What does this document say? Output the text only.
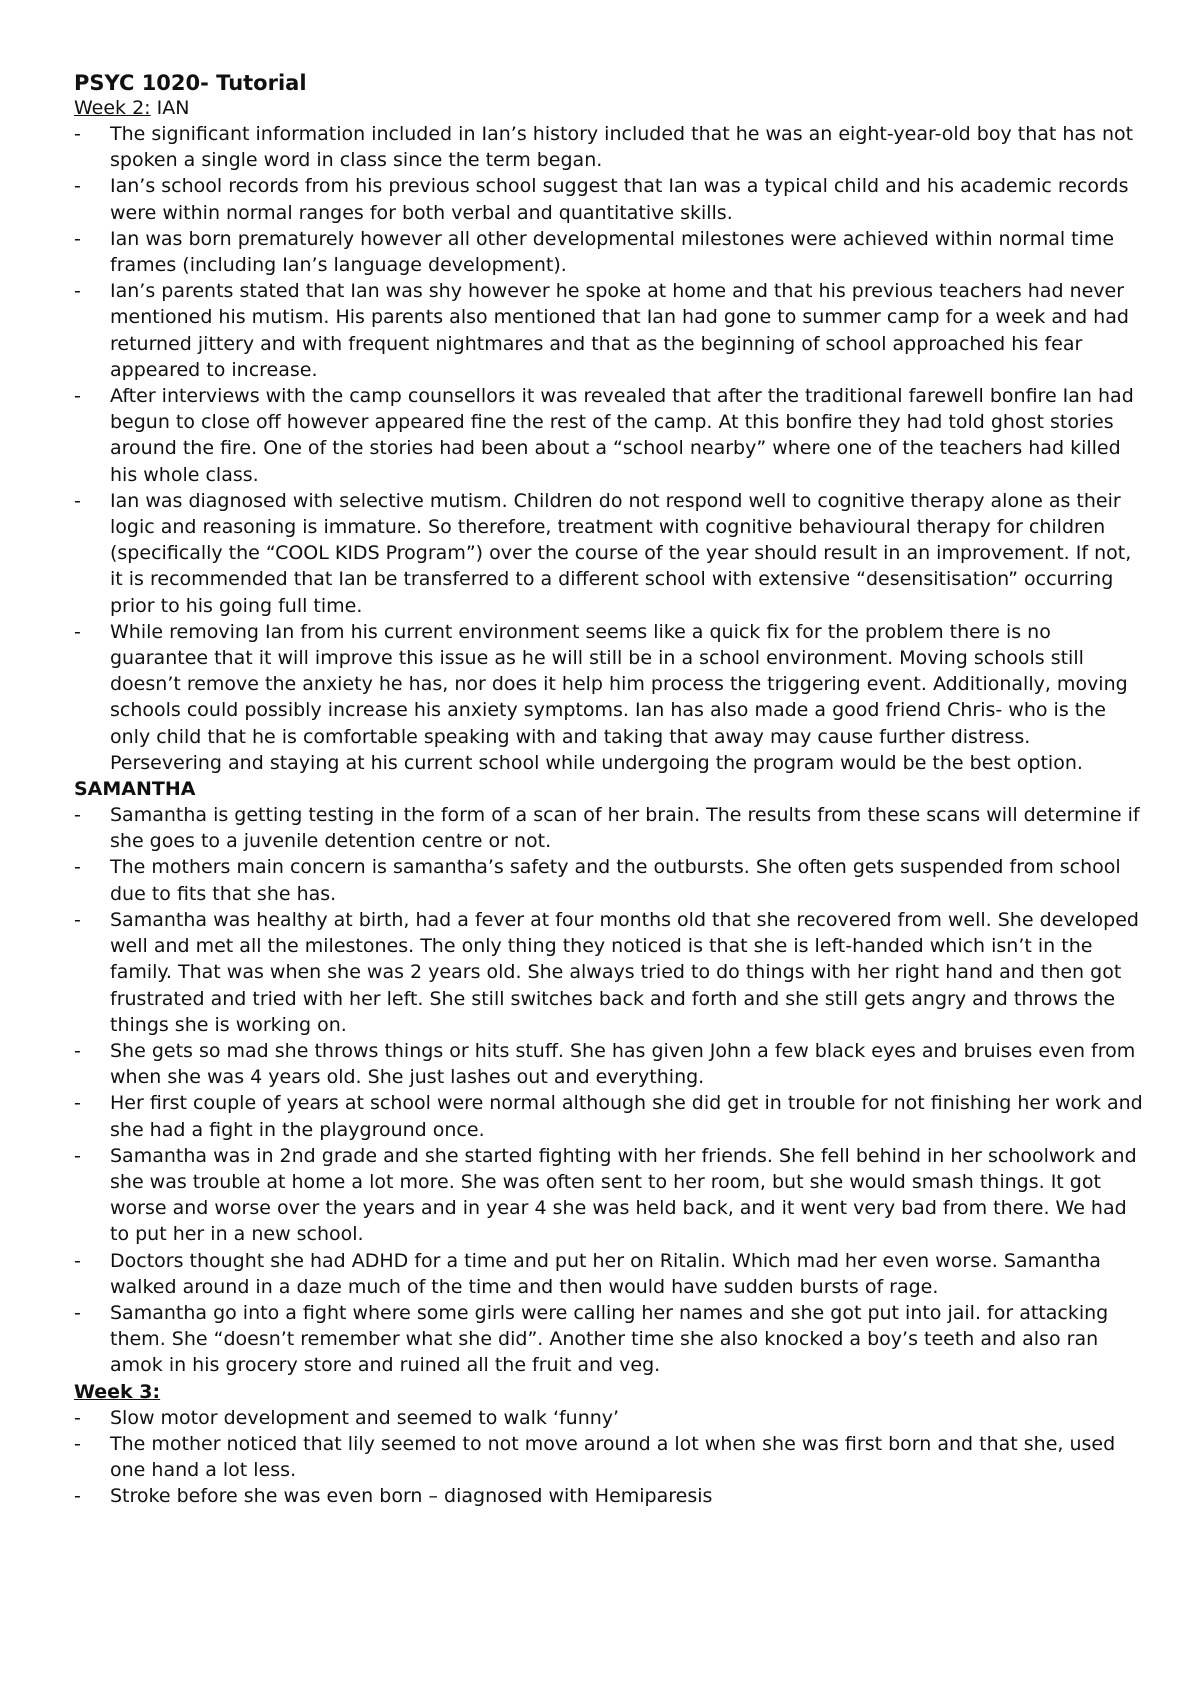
PSYC 1020- Tutorial

Week 2: IAN

- The significant information included in Ian’s history included that he was an eight-year-old boy that has not spoken a single word in class since the term began.
- Ian’s school records from his previous school suggest that Ian was a typical child and his academic records were within normal ranges for both verbal and quantitative skills.
- Ian was born prematurely however all other developmental milestones were achieved within normal time frames (including Ian’s language development).
- Ian’s parents stated that Ian was shy however he spoke at home and that his previous teachers had never mentioned his mutism. His parents also mentioned that Ian had gone to summer camp for a week and had returned jittery and with frequent nightmares and that as the beginning of school approached his fear appeared to increase.
- After interviews with the camp counsellors it was revealed that after the traditional farewell bonfire Ian had begun to close off however appeared fine the rest of the camp. At this bonfire they had told ghost stories around the fire. One of the stories had been about a “school nearby” where one of the teachers had killed his whole class.
- Ian was diagnosed with selective mutism. Children do not respond well to cognitive therapy alone as their logic and reasoning is immature. So therefore, treatment with cognitive behavioural therapy for children (specifically the “COOL KIDS Program”) over the course of the year should result in an improvement. If not, it is recommended that Ian be transferred to a different school with extensive “desensitisation” occurring prior to his going full time.
- While removing Ian from his current environment seems like a quick fix for the problem there is no guarantee that it will improve this issue as he will still be in a school environment. Moving schools still doesn’t remove the anxiety he has, nor does it help him process the triggering event. Additionally, moving schools could possibly increase his anxiety symptoms. Ian has also made a good friend Chris- who is the only child that he is comfortable speaking with and taking that away may cause further distress. Persevering and staying at his current school while undergoing the program would be the best option.

SAMANTHA

- Samantha is getting testing in the form of a scan of her brain. The results from these scans will determine if she goes to a juvenile detention centre or not.
- The mothers main concern is samantha’s safety and the outbursts. She often gets suspended from school due to fits that she has.
- Samantha was healthy at birth, had a fever at four months old that she recovered from well. She developed well and met all the milestones. The only thing they noticed is that she is left-handed which isn’t in the family. That was when she was 2 years old. She always tried to do things with her right hand and then got frustrated and tried with her left. She still switches back and forth and she still gets angry and throws the things she is working on.
- She gets so mad she throws things or hits stuff. She has given John a few black eyes and bruises even from when she was 4 years old. She just lashes out and everything.
- Her first couple of years at school were normal although she did get in trouble for not finishing her work and she had a fight in the playground once.
- Samantha was in 2nd grade and she started fighting with her friends. She fell behind in her schoolwork and she was trouble at home a lot more. She was often sent to her room, but she would smash things. It got worse and worse over the years and in year 4 she was held back, and it went very bad from there. We had to put her in a new school.
- Doctors thought she had ADHD for a time and put her on Ritalin. Which mad her even worse. Samantha walked around in a daze much of the time and then would have sudden bursts of rage.
- Samantha go into a fight where some girls were calling her names and she got put into jail. for attacking them. She “doesn’t remember what she did”. Another time she also knocked a boy’s teeth and also ran amok in his grocery store and ruined all the fruit and veg.

Week 3:

- Slow motor development and seemed to walk ‘funny’
- The mother noticed that lily seemed to not move around a lot when she was first born and that she, used one hand a lot less.
- Stroke before she was even born – diagnosed with Hemiparesis
